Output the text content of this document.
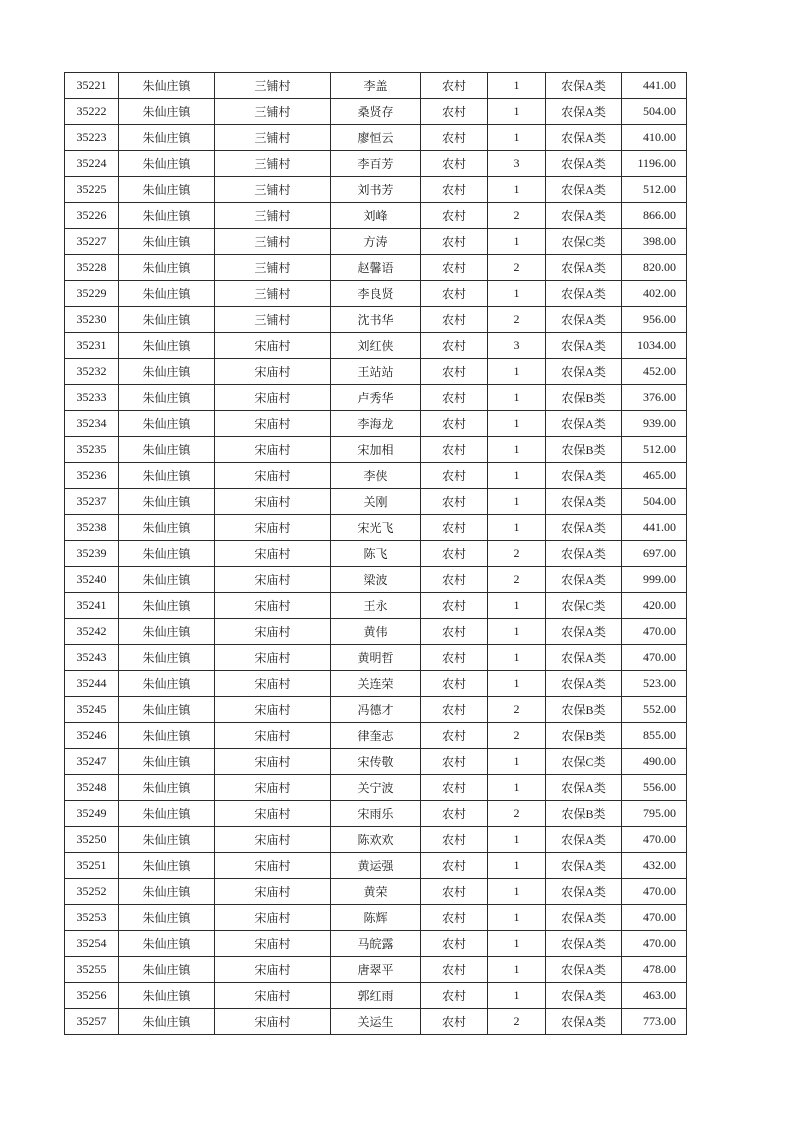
35221	朱仙庄镇	三铺村	李盖	农村	1	农保A类	441.00
35222	朱仙庄镇	三铺村	桑贤存	农村	1	农保A类	504.00
35223	朱仙庄镇	三铺村	廖恒云	农村	1	农保A类	410.00
35224	朱仙庄镇	三铺村	李百芳	农村	3	农保A类	1196.00
35225	朱仙庄镇	三铺村	刘书芳	农村	1	农保A类	512.00
35226	朱仙庄镇	三铺村	刘峰	农村	2	农保A类	866.00
35227	朱仙庄镇	三铺村	方涛	农村	1	农保C类	398.00
35228	朱仙庄镇	三铺村	赵馨语	农村	2	农保A类	820.00
35229	朱仙庄镇	三铺村	李良贤	农村	1	农保A类	402.00
35230	朱仙庄镇	三铺村	沈书华	农村	2	农保A类	956.00
35231	朱仙庄镇	宋庙村	刘红侠	农村	3	农保A类	1034.00
35232	朱仙庄镇	宋庙村	王站站	农村	1	农保A类	452.00
35233	朱仙庄镇	宋庙村	卢秀华	农村	1	农保B类	376.00
35234	朱仙庄镇	宋庙村	李海龙	农村	1	农保A类	939.00
35235	朱仙庄镇	宋庙村	宋加相	农村	1	农保B类	512.00
35236	朱仙庄镇	宋庙村	李侠	农村	1	农保A类	465.00
35237	朱仙庄镇	宋庙村	关刚	农村	1	农保A类	504.00
35238	朱仙庄镇	宋庙村	宋光飞	农村	1	农保A类	441.00
35239	朱仙庄镇	宋庙村	陈飞	农村	2	农保A类	697.00
35240	朱仙庄镇	宋庙村	梁波	农村	2	农保A类	999.00
35241	朱仙庄镇	宋庙村	王永	农村	1	农保C类	420.00
35242	朱仙庄镇	宋庙村	黄伟	农村	1	农保A类	470.00
35243	朱仙庄镇	宋庙村	黄明哲	农村	1	农保A类	470.00
35244	朱仙庄镇	宋庙村	关连荣	农村	1	农保A类	523.00
35245	朱仙庄镇	宋庙村	冯德才	农村	2	农保B类	552.00
35246	朱仙庄镇	宋庙村	律奎志	农村	2	农保B类	855.00
35247	朱仙庄镇	宋庙村	宋传敬	农村	1	农保C类	490.00
35248	朱仙庄镇	宋庙村	关宁波	农村	1	农保A类	556.00
35249	朱仙庄镇	宋庙村	宋雨乐	农村	2	农保B类	795.00
35250	朱仙庄镇	宋庙村	陈欢欢	农村	1	农保A类	470.00
35251	朱仙庄镇	宋庙村	黄运强	农村	1	农保A类	432.00
35252	朱仙庄镇	宋庙村	黄荣	农村	1	农保A类	470.00
35253	朱仙庄镇	宋庙村	陈辉	农村	1	农保A类	470.00
35254	朱仙庄镇	宋庙村	马皖露	农村	1	农保A类	470.00
35255	朱仙庄镇	宋庙村	唐翠平	农村	1	农保A类	478.00
35256	朱仙庄镇	宋庙村	郭红雨	农村	1	农保A类	463.00
35257	朱仙庄镇	宋庙村	关运生	农村	2	农保A类	773.00
